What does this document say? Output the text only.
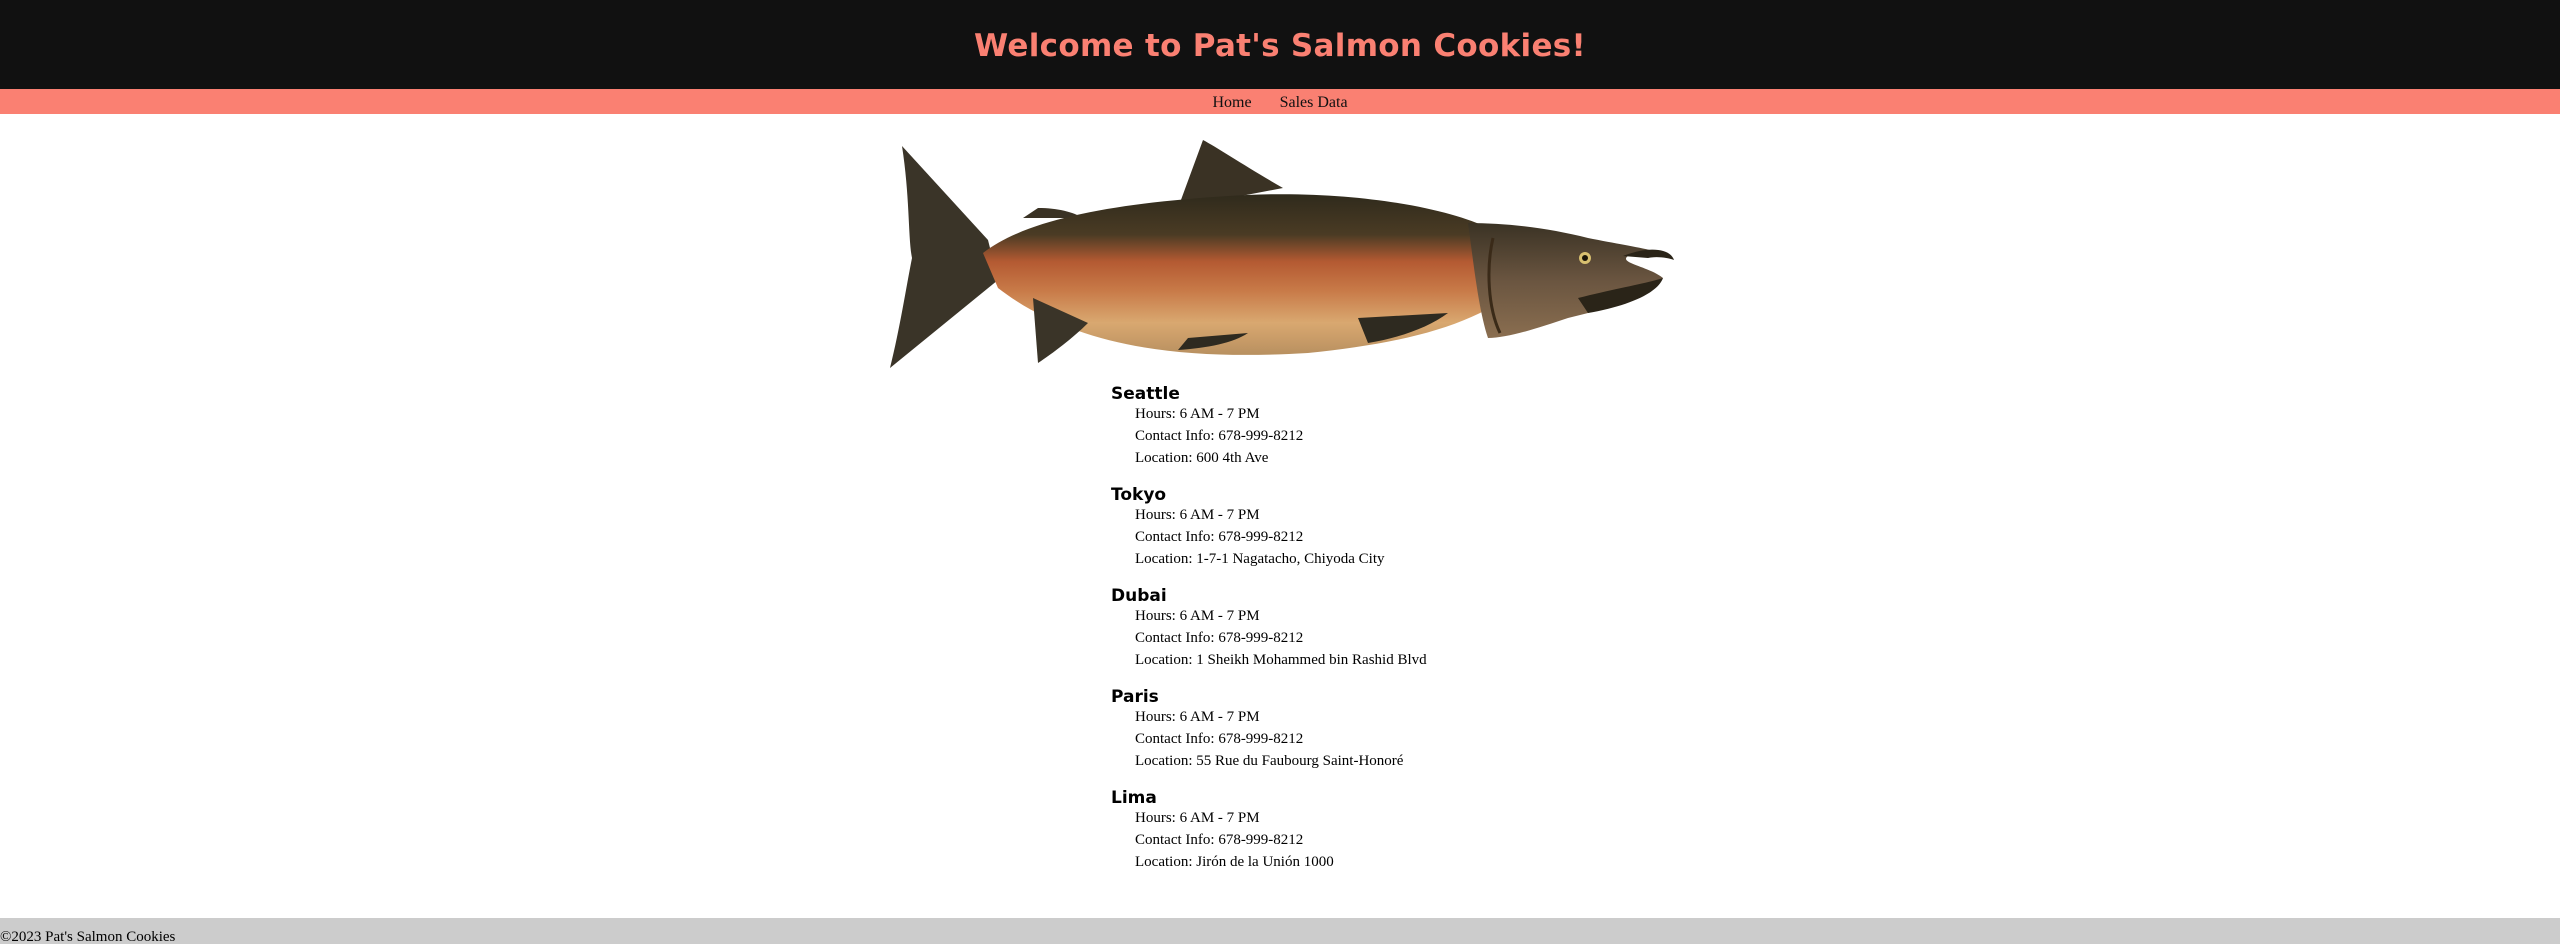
Welcome to Pat's Salmon Cookies!
Home Sales Data
Seattle
Hours: 6 AM - 7 PM
Contact Info: 678-999-8212
Location: 600 4th Ave
Tokyo
Hours: 6 AM - 7 PM
Contact Info: 678-999-8212
Location: 1-7-1 Nagatacho, Chiyoda City
Dubai
Hours: 6 AM - 7 PM
Contact Info: 678-999-8212
Location: 1 Sheikh Mohammed bin Rashid Blvd
Paris
Hours: 6 AM - 7 PM
Contact Info: 678-999-8212
Location: 55 Rue du Faubourg Saint-Honoré
Lima
Hours: 6 AM - 7 PM
Contact Info: 678-999-8212
Location: Jirón de la Unión 1000
©2023 Pat's Salmon Cookies
